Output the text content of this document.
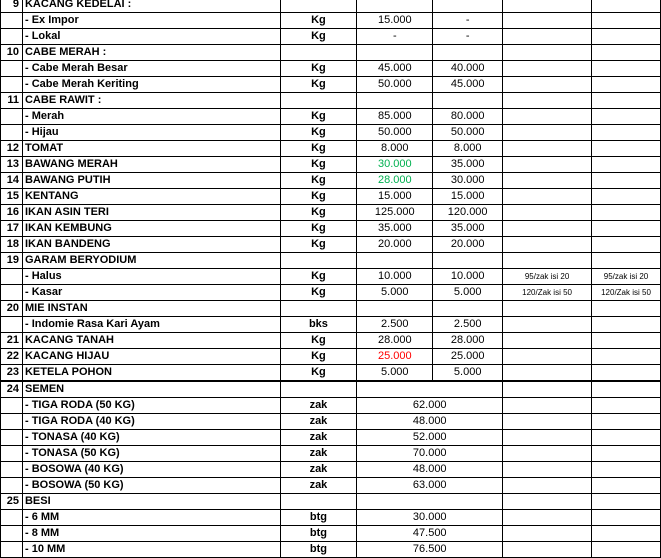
9	KACANG KEDELAI :					
	- Ex Impor	Kg	15.000	-		
	- Lokal	Kg	-	-		
10	CABE MERAH :					
	- Cabe Merah Besar	Kg	45.000	40.000		
	- Cabe Merah Keriting	Kg	50.000	45.000		
11	CABE RAWIT :					
	- Merah	Kg	85.000	80.000		
	- Hijau	Kg	50.000	50.000		
12	TOMAT	Kg	8.000	8.000		
13	BAWANG MERAH	Kg	30.000	35.000		
14	BAWANG PUTIH	Kg	28.000	30.000		
15	KENTANG	Kg	15.000	15.000		
16	IKAN ASIN TERI	Kg	125.000	120.000		
17	IKAN KEMBUNG	Kg	35.000	35.000		
18	IKAN BANDENG	Kg	20.000	20.000		
19	GARAM BERYODIUM					
	- Halus	Kg	10.000	10.000	95/zak isi 20	95/zak isi 20
	- Kasar	Kg	5.000	5.000	120/Zak isi 50	120/Zak isi 50
20	MIE INSTAN					
	- Indomie Rasa Kari Ayam	bks	2.500	2.500		
21	KACANG TANAH	Kg	28.000	28.000		
22	KACANG HIJAU	Kg	25.000	25.000		
23	KETELA POHON	Kg	5.000	5.000		
24	SEMEN					
	- TIGA RODA (50 KG)	zak	62.000			
	- TIGA RODA (40 KG)	zak	48.000			
	- TONASA (40 KG)	zak	52.000			
	- TONASA (50 KG)	zak	70.000			
	- BOSOWA (40 KG)	zak	48.000			
	- BOSOWA (50 KG)	zak	63.000			
25	BESI					
	- 6 MM	btg	30.000			
	- 8 MM	btg	47.500			
	- 10 MM	btg	76.500			
